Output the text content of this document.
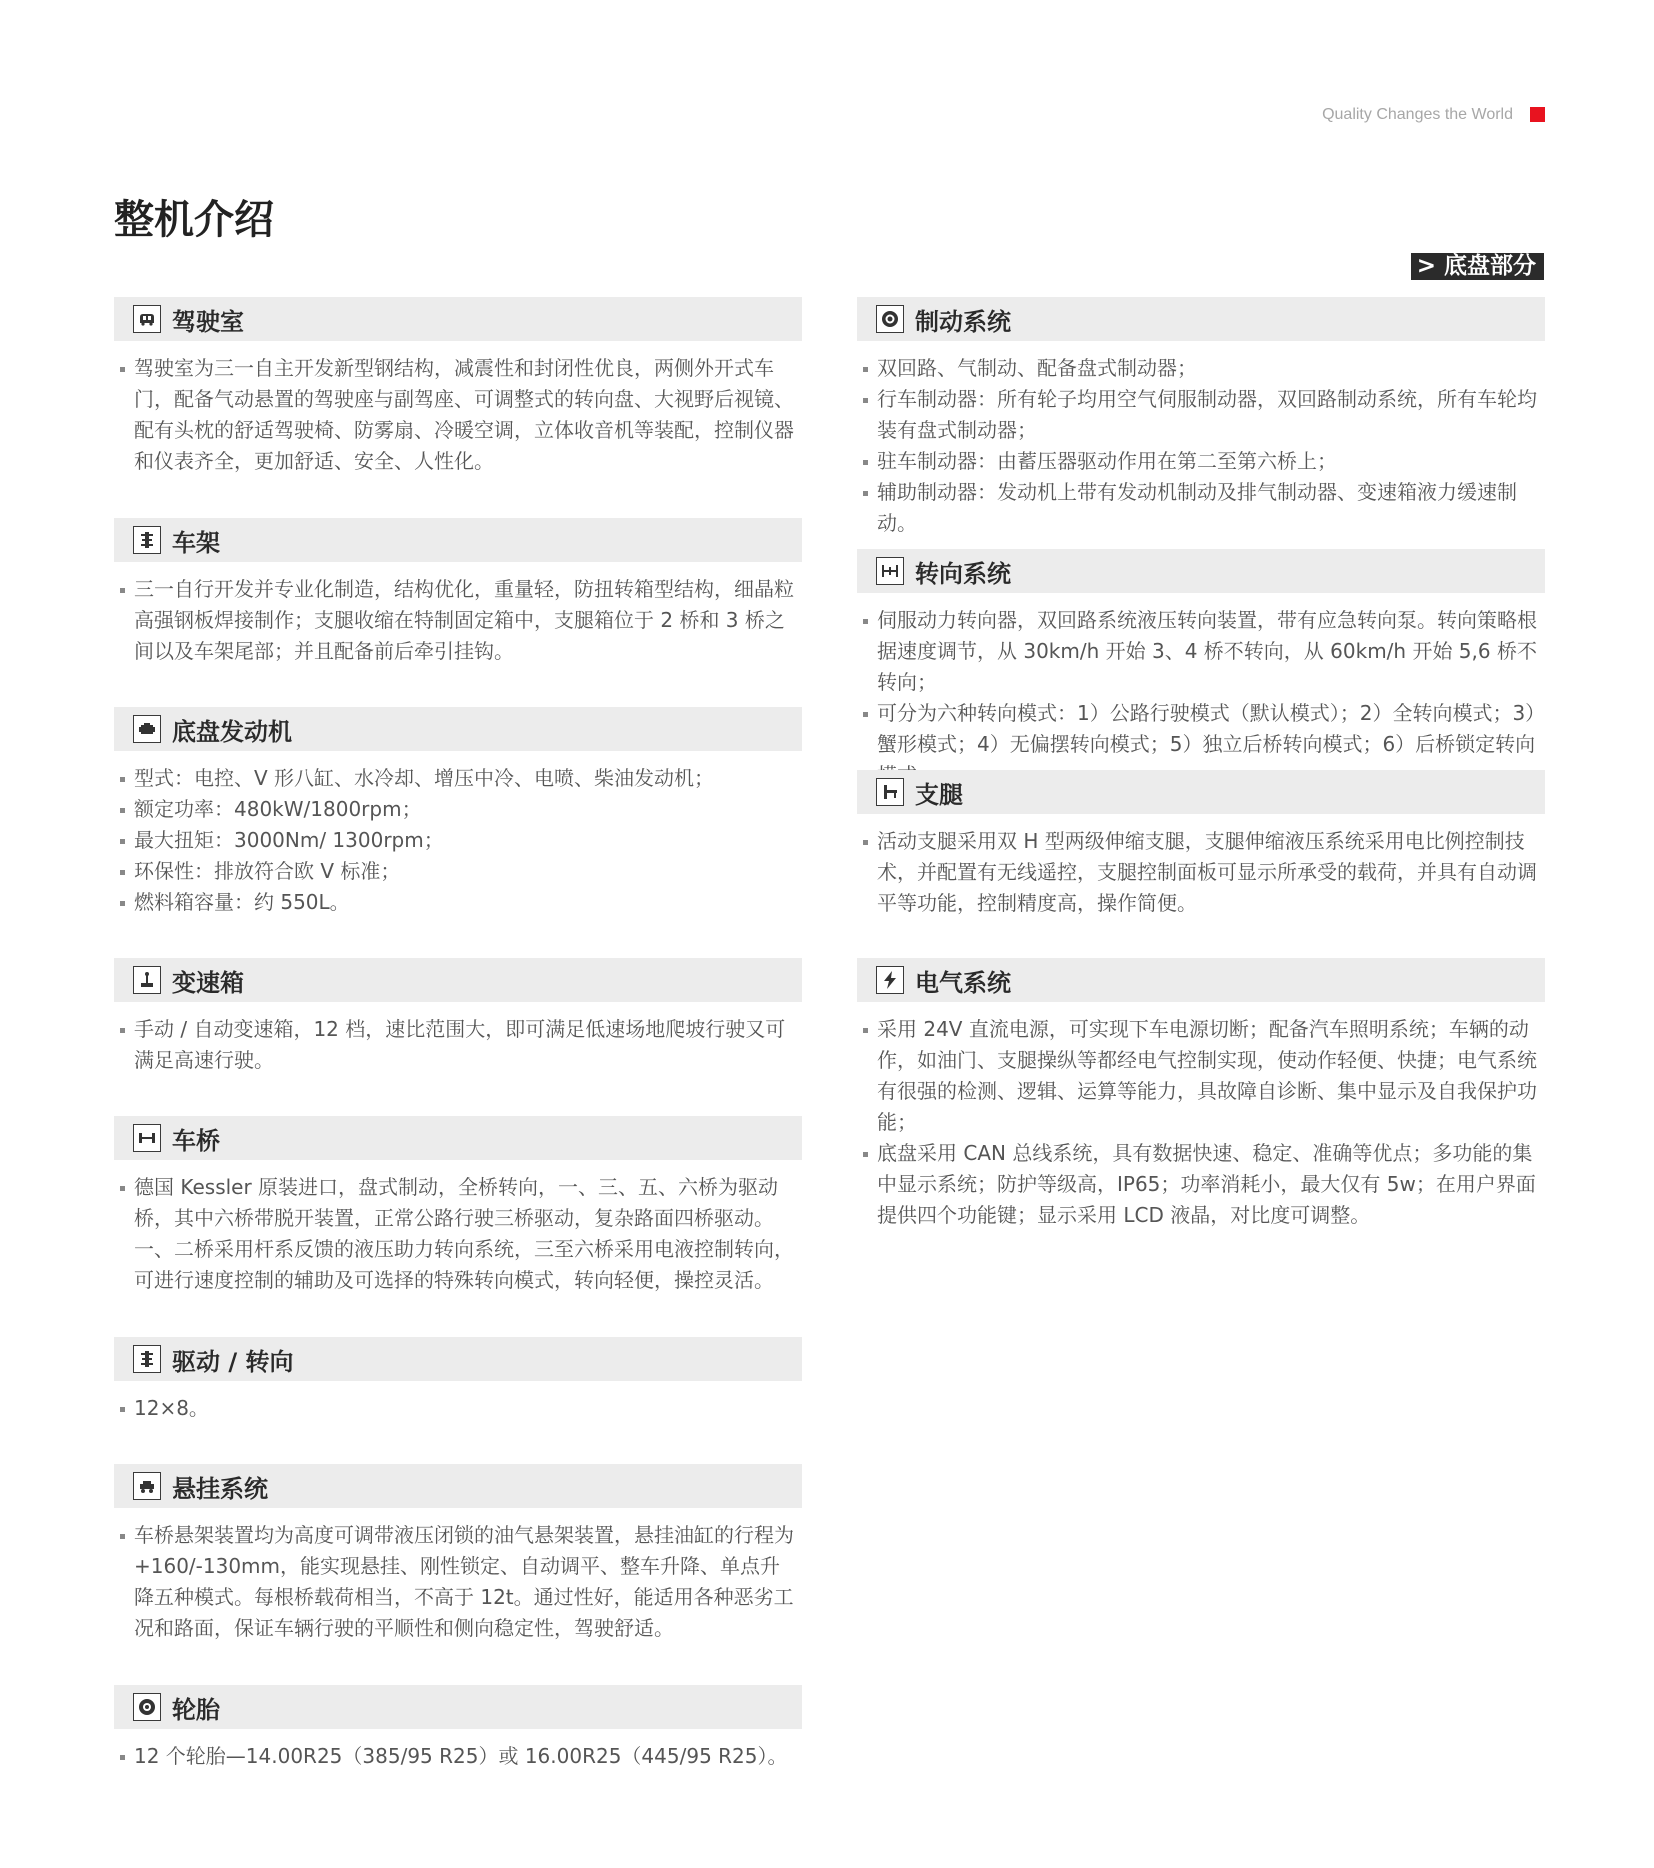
Quality Changes the World
整机介绍
> 底盘部分
驾驶室
驾驶室为三一自主开发新型钢结构，减震性和封闭性优良，两侧外开式车门，配备气动悬置的驾驶座与副驾座、可调整式的转向盘、大视野后视镜、配有头枕的舒适驾驶椅、防雾扇、冷暖空调，立体收音机等装配，控制仪器和仪表齐全，更加舒适、安全、人性化。
车架
三一自行开发并专业化制造，结构优化，重量轻，防扭转箱型结构，细晶粒高强钢板焊接制作；支腿收缩在特制固定箱中，支腿箱位于 2 桥和 3 桥之间以及车架尾部；并且配备前后牵引挂钩。
底盘发动机
型式：电控、V 形八缸、水冷却、增压中冷、电喷、柴油发动机；
额定功率：480kW/1800rpm；
最大扭矩：3000Nm/ 1300rpm；
环保性：排放符合欧 V 标准；
燃料箱容量：约 550L。
变速箱
手动 / 自动变速箱，12 档，速比范围大，即可满足低速场地爬坡行驶又可满足高速行驶。
车桥
德国 Kessler 原装进口，盘式制动，全桥转向，一、三、五、六桥为驱动桥，其中六桥带脱开装置，正常公路行驶三桥驱动，复杂路面四桥驱动。一、二桥采用杆系反馈的液压助力转向系统，三至六桥采用电液控制转向，可进行速度控制的辅助及可选择的特殊转向模式，转向轻便，操控灵活。
驱动 / 转向
12×8。
悬挂系统
车桥悬架装置均为高度可调带液压闭锁的油气悬架装置，悬挂油缸的行程为 +160/-130mm，能实现悬挂、刚性锁定、自动调平、整车升降、单点升降五种模式。每根桥载荷相当，不高于 12t。通过性好，能适用各种恶劣工况和路面，保证车辆行驶的平顺性和侧向稳定性，驾驶舒适。
轮胎
12 个轮胎—14.00R25（385/95 R25）或 16.00R25（445/95 R25）。
制动系统
双回路、气制动、配备盘式制动器；
行车制动器：所有轮子均用空气伺服制动器，双回路制动系统，所有车轮均装有盘式制动器；
驻车制动器：由蓄压器驱动作用在第二至第六桥上；
辅助制动器：发动机上带有发动机制动及排气制动器、变速箱液力缓速制动。
转向系统
伺服动力转向器，双回路系统液压转向装置，带有应急转向泵。转向策略根据速度调节，从 30km/h 开始 3、4 桥不转向，从 60km/h 开始 5,6 桥不转向；
可分为六种转向模式：1）公路行驶模式（默认模式）；2）全转向模式；3）蟹形模式；4）无偏摆转向模式；5）独立后桥转向模式；6）后桥锁定转向
支腿
活动支腿采用双 H 型两级伸缩支腿，支腿伸缩液压系统采用电比例控制技术，并配置有无线遥控，支腿控制面板可显示所承受的载荷，并具有自动调平等功能，控制精度高，操作简便。
电气系统
采用 24V 直流电源，可实现下车电源切断；配备汽车照明系统；车辆的动作，如油门、支腿操纵等都经电气控制实现，使动作轻便、快捷；电气系统有很强的检测、逻辑、运算等能力，具故障自诊断、集中显示及自我保护功能；
底盘采用 CAN 总线系统，具有数据快速、稳定、准确等优点；多功能的集中显示系统；防护等级高，IP65；功率消耗小，最大仅有 5w；在用户界面提供四个功能键；显示采用 LCD 液晶，对比度可调整。
